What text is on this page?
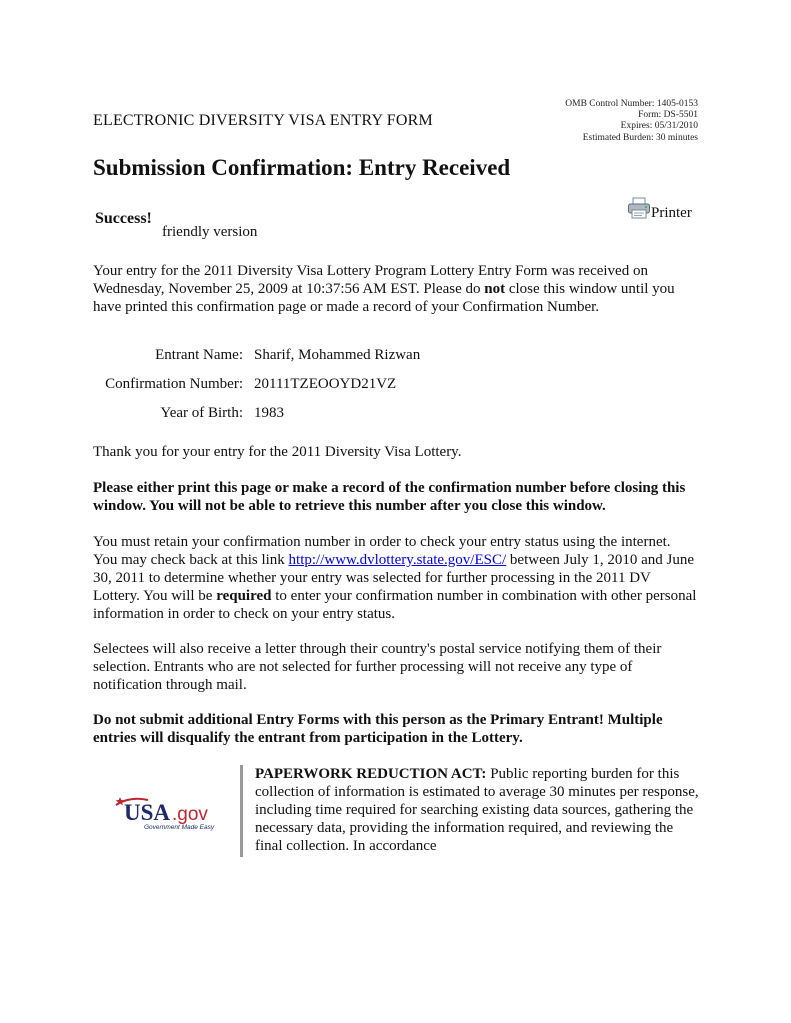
OMB Control Number: 1405-0153
Form: DS-5501
Expires: 05/31/2010
Estimated Burden: 30 minutes
ELECTRONIC DIVERSITY VISA ENTRY FORM
Submission Confirmation: Entry Received
Success!	Printer
friendly version

Your entry for the 2011 Diversity Visa Lottery Program Lottery Entry Form was received on Wednesday, November 25, 2009 at 10:37:56 AM EST. Please do not close this window until you have printed this confirmation page or made a record of your Confirmation Number.

Entrant Name: Sharif, Mohammed Rizwan
Confirmation Number: 20111TZEOOYD21VZ
Year of Birth: 1983

Thank you for your entry for the 2011 Diversity Visa Lottery.

Please either print this page or make a record of the confirmation number before closing this window. You will not be able to retrieve this number after you close this window.

You must retain your confirmation number in order to check your entry status using the internet. You may check back at this link http://www.dvlottery.state.gov/ESC/ between July 1, 2010 and June 30, 2011 to determine whether your entry was selected for further processing in the 2011 DV Lottery. You will be required to enter your confirmation number in combination with other personal information in order to check on your entry status.

Selectees will also receive a letter through their country's postal service notifying them of their selection. Entrants who are not selected for further processing will not receive any type of notification through mail.

Do not submit additional Entry Forms with this person as the Primary Entrant! Multiple entries will disqualify the entrant from participation in the Lottery.

USA .gov
Government Made Easy

PAPERWORK REDUCTION ACT: Public reporting burden for this collection of information is estimated to average 30 minutes per response, including time required for searching existing data sources, gathering the necessary data, providing the information required, and reviewing the final collection. In accordance
